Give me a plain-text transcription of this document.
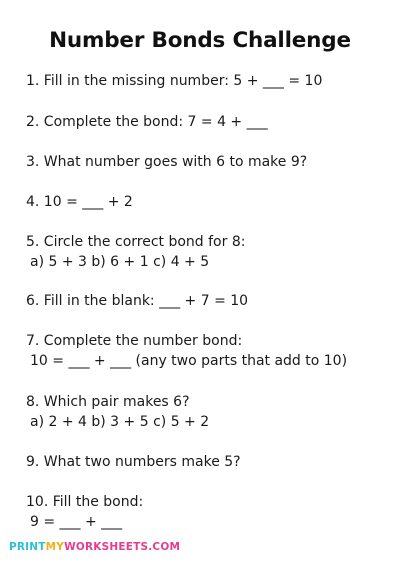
Number Bonds Challenge
1. Fill in the missing number: 5 + ___ = 10
2. Complete the bond: 7 = 4 + ___
3. What number goes with 6 to make 9?
4. 10 = ___ + 2
5. Circle the correct bond for 8:
a) 5 + 3 b) 6 + 1 c) 4 + 5
6. Fill in the blank: ___ + 7 = 10
7. Complete the number bond:
10 = ___ + ___ (any two parts that add to 10)
8. Which pair makes 6?
a) 2 + 4 b) 3 + 5 c) 5 + 2
9. What two numbers make 5?
10. Fill the bond:
9 = ___ + ___
PRINTMYWORKSHEETS.COM
